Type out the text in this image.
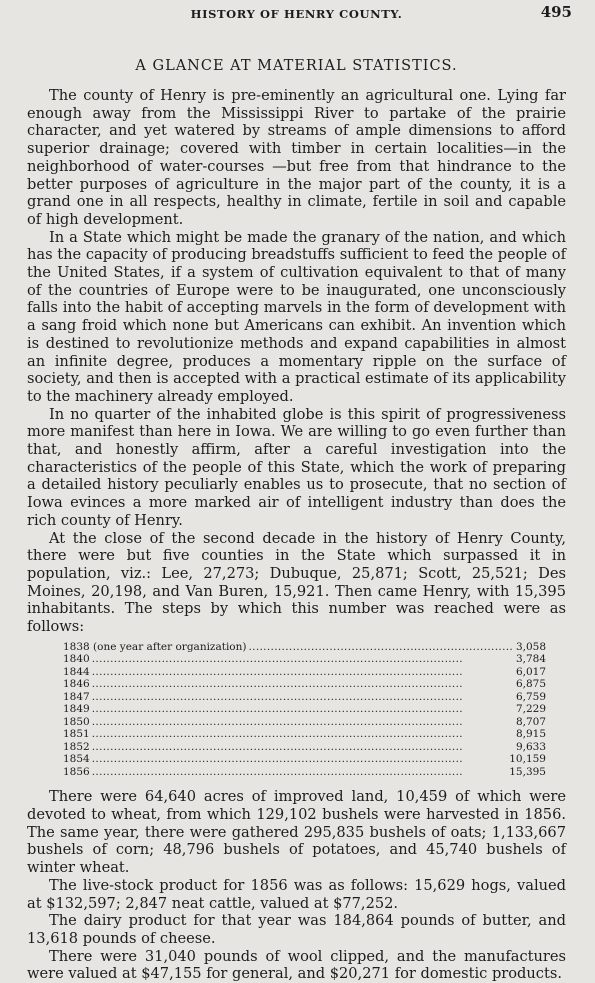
HISTORY OF HENRY COUNTY.	495
A GLANCE AT MATERIAL STATISTICS.

The county of Henry is pre-eminently an agricultural one. Lying far enough away from the Mississippi River to partake of the prairie character, and yet watered by streams of ample dimensions to afford superior drainage; covered with timber in certain localities—in the neighborhood of water-courses —but free from that hindrance to the better purposes of agriculture in the major part of the county, it is a grand one in all respects, healthy in climate, fertile in soil and capable of high development.

In a State which might be made the granary of the nation, and which has the capacity of producing breadstuffs sufficient to feed the people of the United States, if a system of cultivation equivalent to that of many of the countries of Europe were to be inaugurated, one unconsciously falls into the habit of accepting marvels in the form of development with a sang froid which none but Americans can exhibit. An invention which is destined to revolutionize methods and expand capabilities in almost an infinite degree, produces a momentary ripple on the surface of society, and then is accepted with a practical estimate of its applicability to the machinery already employed.

In no quarter of the inhabited globe is this spirit of progressiveness more manifest than here in Iowa. We are willing to go even further than that, and honestly affirm, after a careful investigation into the characteristics of the people of this State, which the work of preparing a detailed history peculiarly enables us to prosecute, that no section of Iowa evinces a more marked air of intelligent industry than does the rich county of Henry.

At the close of the second decade in the history of Henry County, there were but five counties in the State which surpassed it in population, viz.: Lee, 27,273; Dubuque, 25,871; Scott, 25,521; Des Moines, 20,198, and Van Buren, 15,921. Then came Henry, with 15,395 inhabitants. The steps by which this number was reached were as follows:

1838 (one year after organization) . . .	3,058
1840 . . .	3,784
1844 . . .	6,017
1846 . . .	6,875
1847 . . .	6,759
1849 . . .	7,229
1850 . . .	8,707
1851 . . .	8,915
1852 . . .	9,633
1854 . . .	10,159
1856 . . .	15,395

There were 64,640 acres of improved land, 10,459 of which were devoted to wheat, from which 129,102 bushels were harvested in 1856. The same year, there were gathered 295,835 bushels of oats; 1,133,667 bushels of corn; 48,796 bushels of potatoes, and 45,740 bushels of winter wheat.

The live-stock product for 1856 was as follows: 15,629 hogs, valued at $132,597; 2,847 neat cattle, valued at $77,252.

The dairy product for that year was 184,864 pounds of butter, and 13,618 pounds of cheese.

There were 31,040 pounds of wool clipped, and the manufactures were valued at $47,155 for general, and $20,271 for domestic products.
